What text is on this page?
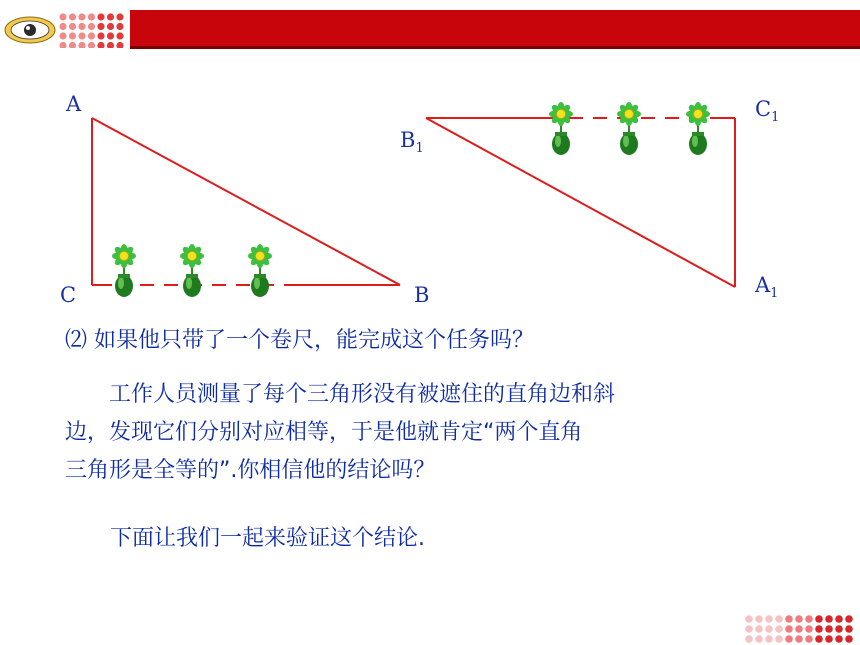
A
C	B
$B_1$
$C_1$
$A_1$
⑵ 如果他只带了一个卷尺，能完成这个任务吗？
工作人员测量了每个三角形没有被遮住的直角边和斜
边，发现它们分别对应相等，于是他就肯定“两个直角
三角形是全等的”.你相信他的结论吗？
下面让我们一起来验证这个结论.
